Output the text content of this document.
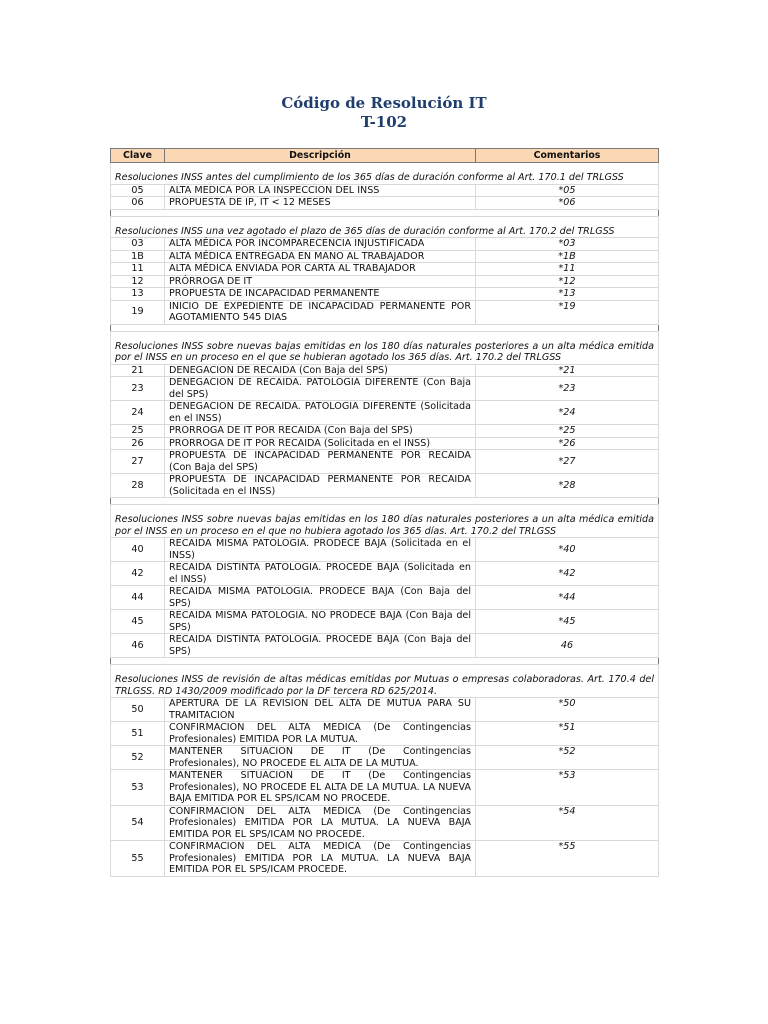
Código de Resolución IT
T-102
Clave	Descripción	Comentarios
Resoluciones INSS antes del cumplimiento de los 365 días de duración conforme al Art. 170.1 del TRLGSS		
05	ALTA MEDICA POR LA INSPECCION DEL INSS	*05
06	PROPUESTA DE IP, IT < 12 MESES	*06

Resoluciones INSS una vez agotado el plazo de 365 días de duración conforme al Art. 170.2 del TRLGSS		
03	ALTA MÉDICA POR INCOMPARECENCIA INJUSTIFICADA	*03
1B	ALTA MÉDICA ENTREGADA EN MANO AL TRABAJADOR	*1B
11	ALTA MÉDICA ENVIADA POR CARTA AL TRABAJADOR	*11
12	PRÓRROGA DE IT	*12
13	PROPUESTA DE INCAPACIDAD PERMANENTE	*13
19	INICIO DE EXPEDIENTE DE INCAPACIDAD PERMANENTE POR AGOTAMIENTO 545 DIAS	*19

Resoluciones INSS sobre nuevas bajas emitidas en los 180 días naturales posteriores a un alta médica emitida por el INSS en un proceso en el que se hubieran agotado los 365 días. Art. 170.2 del TRLGSS		
21	DENEGACION DE RECAIDA (Con Baja del SPS)	*21
23	DENEGACION DE RECAIDA. PATOLOGIA DIFERENTE (Con Baja del SPS)	*23
24	DENEGACION DE RECAIDA. PATOLOGIA DIFERENTE (Solicitada en el INSS)	*24
25	PRORROGA DE IT POR RECAIDA (Con Baja del SPS)	*25
26	PRORROGA DE IT POR RECAIDA (Solicitada en el INSS)	*26
27	PROPUESTA DE INCAPACIDAD PERMANENTE POR RECAIDA (Con Baja del SPS)	*27
28	PROPUESTA DE INCAPACIDAD PERMANENTE POR RECAIDA (Solicitada en el INSS)	*28

Resoluciones INSS sobre nuevas bajas emitidas en los 180 días naturales posteriores a un alta médica emitida por el INSS en un proceso en el que no hubiera agotado los 365 días. Art. 170.2 del TRLGSS		
40	RECAIDA MISMA PATOLOGIA. PRODECE BAJA (Solicitada en el INSS)	*40
42	RECAIDA DISTINTA PATOLOGIA. PROCEDE BAJA (Solicitada en el INSS)	*42
44	RECAIDA MISMA PATOLOGIA. PRODECE BAJA (Con Baja del SPS)	*44
45	RECAIDA MISMA PATOLOGIA. NO PRODECE BAJA (Con Baja del SPS)	*45
46	RECAIDA DISTINTA PATOLOGIA. PROCEDE BAJA (Con Baja del SPS)	46

Resoluciones INSS de revisión de altas médicas emitidas por Mutuas o empresas colaboradoras. Art. 170.4 del TRLGSS. RD 1430/2009 modificado por la DF tercera RD 625/2014.		
50	APERTURA DE LA REVISION DEL ALTA DE MUTUA PARA SU TRAMITACION	*50
51	CONFIRMACION DEL ALTA MEDICA (De Contingencias Profesionales) EMITIDA POR LA MUTUA.	*51
52	MANTENER SITUACION DE IT (De Contingencias Profesionales), NO PROCEDE EL ALTA DE LA MUTUA.	*52
53	MANTENER SITUACION DE IT (De Contingencias Profesionales), NO PROCEDE EL ALTA DE LA MUTUA. LA NUEVA BAJA EMITIDA POR EL SPS/ICAM NO PROCEDE.	*53
54	CONFIRMACION DEL ALTA MEDICA (De Contingencias Profesionales) EMITIDA POR LA MUTUA. LA NUEVA BAJA EMITIDA POR EL SPS/ICAM NO PROCEDE.	*54
55	CONFIRMACION DEL ALTA MEDICA (De Contingencias Profesionales) EMITIDA POR LA MUTUA. LA NUEVA BAJA EMITIDA POR EL SPS/ICAM PROCEDE.	*55
